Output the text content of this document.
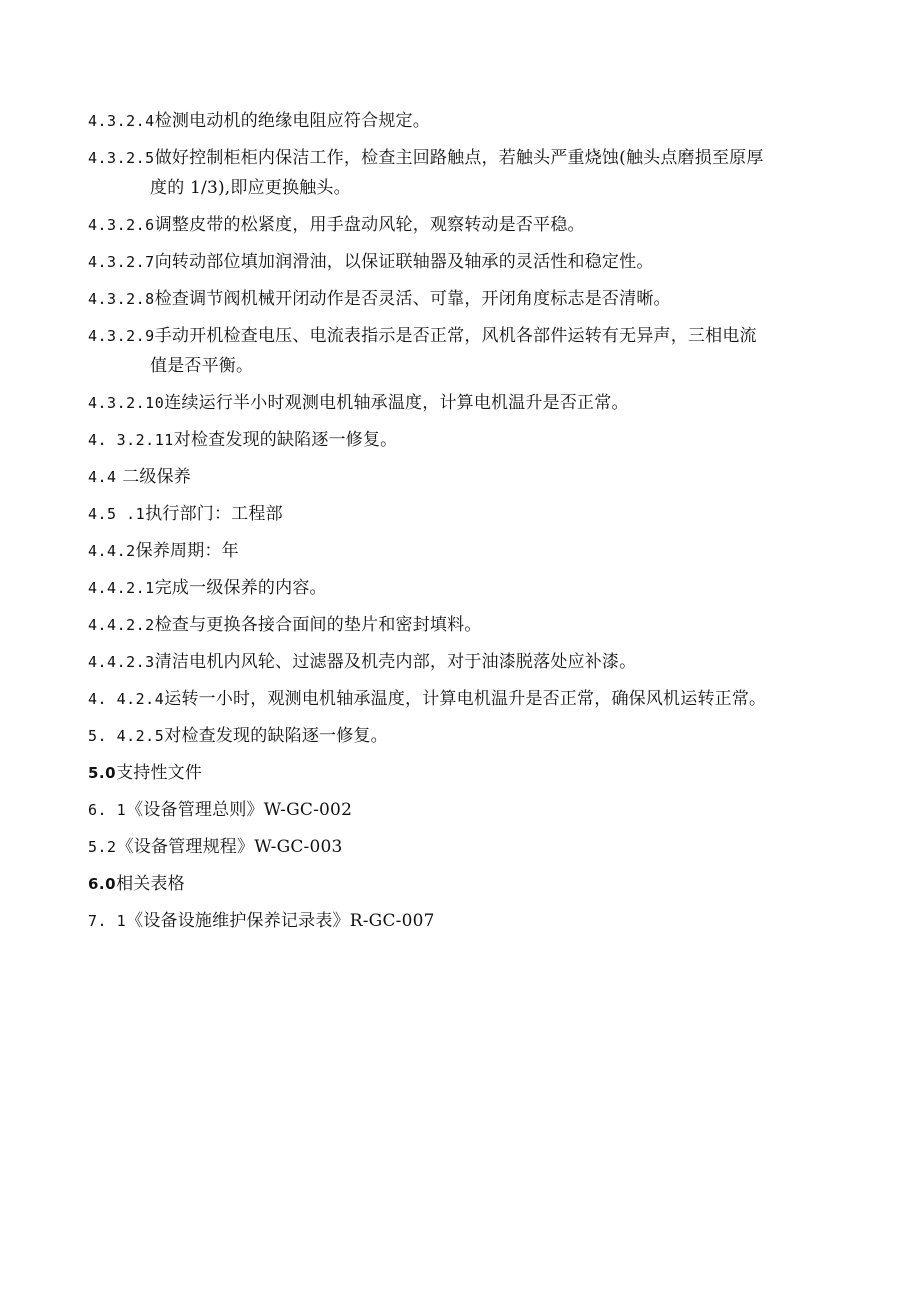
4.3.2.4检测电动机的绝缘电阻应符合规定。

4.3.2.5做好控制柜柜内保洁工作，检查主回路触点，若触头严重烧蚀(触头点磨损至原厚
度的 1/3),即应更换触头。

4.3.2.6调整皮带的松紧度，用手盘动风轮，观察转动是否平稳。

4.3.2.7向转动部位填加润滑油，以保证联轴器及轴承的灵活性和稳定性。

4.3.2.8检查调节阀机械开闭动作是否灵活、可靠，开闭角度标志是否清晰。

4.3.2.9手动开机检查电压、电流表指示是否正常，风机各部件运转有无异声，三相电流
值是否平衡。

4.3.2.10连续运行半小时观测电机轴承温度，计算电机温升是否正常。

4. 3.2.11对检查发现的缺陷逐一修复。

4.4 二级保养

4.5 .1执行部门：工程部

4.4.2保养周期：年

4.4.2.1完成一级保养的内容。

4.4.2.2检查与更换各接合面间的垫片和密封填料。

4.4.2.3清洁电机内风轮、过滤器及机壳内部，对于油漆脱落处应补漆。

4. 4.2.4运转一小时，观测电机轴承温度，计算电机温升是否正常，确保风机运转正常。

5. 4.2.5对检查发现的缺陷逐一修复。

5.0支持性文件

6. 1《设备管理总则》W-GC-002

5.2《设备管理规程》W-GC-003

6.0相关表格

7. 1《设备设施维护保养记录表》R-GC-007
